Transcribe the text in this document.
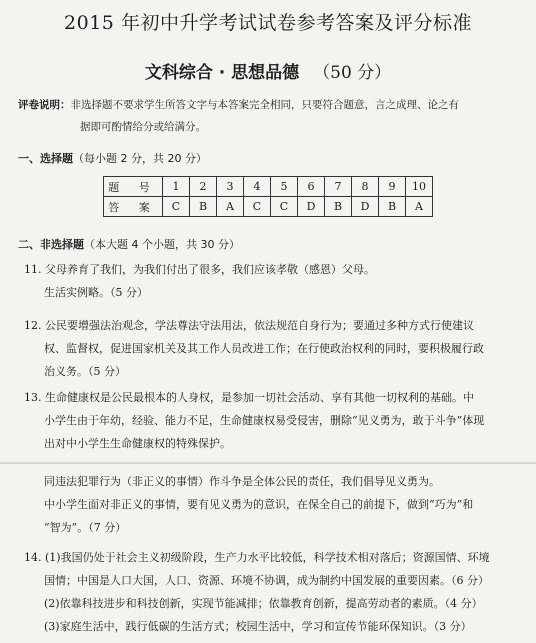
2015 年初中升学考试试卷参考答案及评分标准
文科综合 · 思想品德 （50 分）
评卷说明：非选择题不要求学生所答文字与本答案完全相同，只要符合题意，言之成理、论之有
据即可酌情给分或给满分。
一、选择题（每小题 2 分，共 20 分）
题 号	1	2	3	4	5	6	7	8	9	10
答 案	C	B	A	C	C	D	B	D	B	A
二、非选择题（本大题 4 个小题，共 30 分）
11. 父母养育了我们，为我们付出了很多，我们应该孝敬（感恩）父母。
生活实例略。（5 分）
12. 公民要增强法治观念，学法尊法守法用法，依法规范自身行为；要通过多种方式行使建议
权、监督权，促进国家机关及其工作人员改进工作；在行使政治权利的同时，要积极履行政
治义务。（5 分）
13. 生命健康权是公民最根本的人身权，是参加一切社会活动、享有其他一切权利的基础。中
小学生由于年幼，经验、能力不足，生命健康权易受侵害，删除“见义勇为，敢于斗争”体现
出对中小学生生命健康权的特殊保护。
同违法犯罪行为（非正义的事情）作斗争是全体公民的责任，我们倡导见义勇为。
中小学生面对非正义的事情，要有见义勇为的意识，在保全自己的前提下，做到“巧为”和
“智为”。（7 分）
14. (1)我国仍处于社会主义初级阶段，生产力水平比较低，科学技术相对落后；资源国情、环境
国情；中国是人口大国，人口、资源、环境不协调，成为制约中国发展的重要因素。（6 分）
(2)依靠科技进步和科技创新，实现节能减排；依靠教育创新，提高劳动者的素质。（4 分）
(3)家庭生活中，践行低碳的生活方式；校园生活中，学习和宣传节能环保知识。（3 分）
